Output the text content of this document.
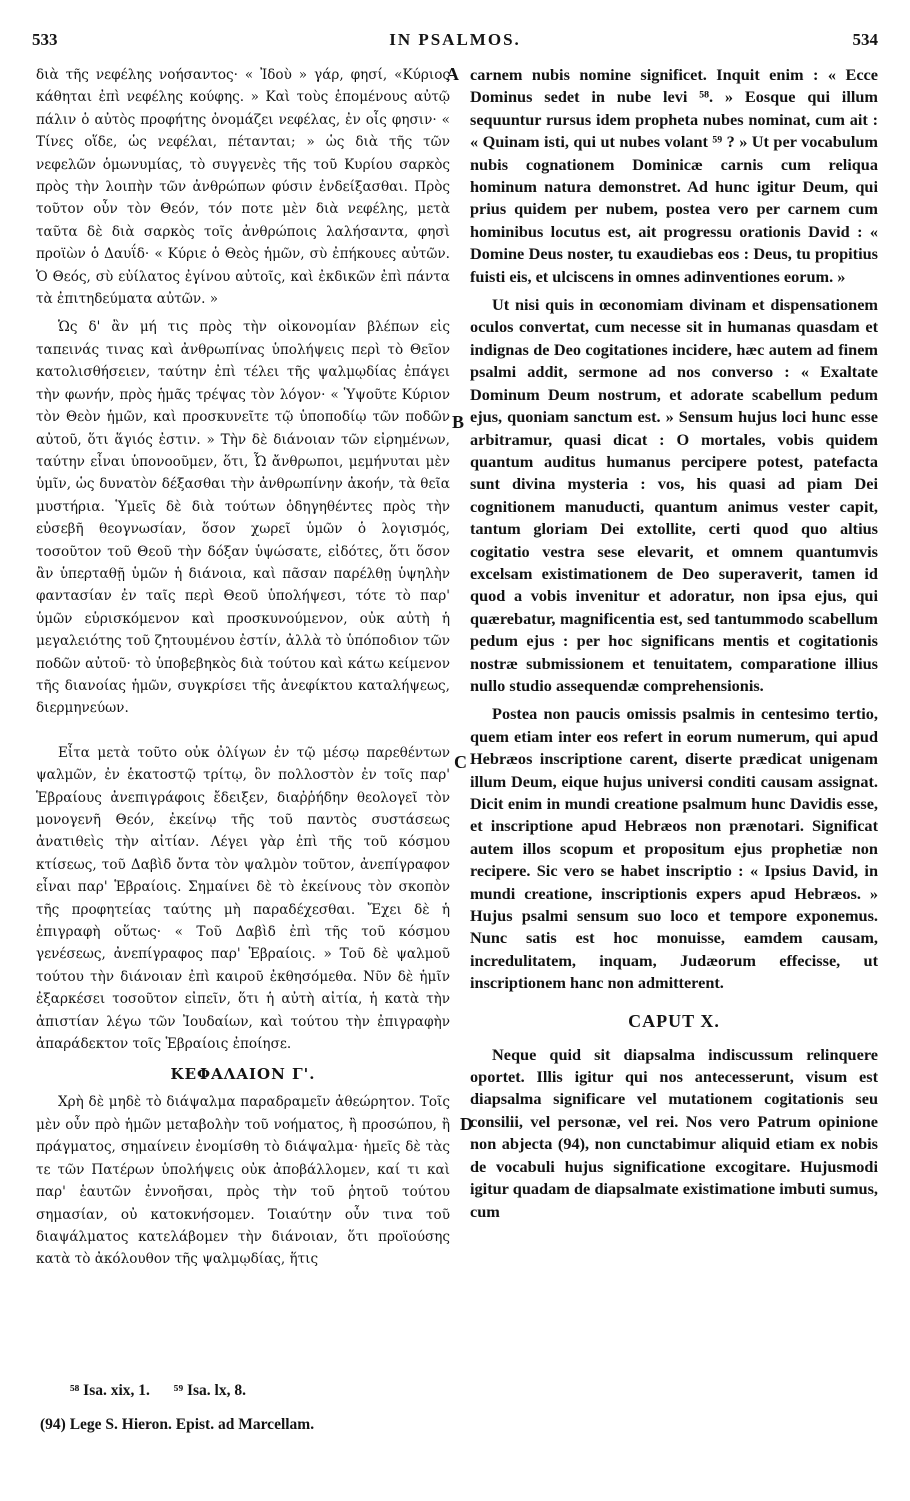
IN PSALMOS.
533	534

διὰ τῆς νεφέλης νοήσαντος· « Ἰδοὺ » γάρ, φησί, «Κύριος κάθηται ἐπὶ νεφέλης κούφης. » Καὶ τοὺς ἑπομένους αὐτῷ πάλιν ὁ αὐτὸς προφήτης ὀνομάζει νεφέλας, ἐν οἷς φησιν· « Τίνες οἵδε, ὡς νεφέλαι, πέτανται; » ὡς διὰ τῆς τῶν νεφελῶν ὁμωνυμίας, τὸ συγγενὲς τῆς τοῦ Κυρίου σαρκὸς πρὸς τὴν λοιπὴν τῶν ἀνθρώπων φύσιν ἐνδείξασθαι. Πρὸς τοῦτον οὖν τὸν Θεόν, τόν ποτε μὲν διὰ νεφέλης, μετὰ ταῦτα δὲ διὰ σαρκὸς τοῖς ἀνθρώποις λαλήσαντα, φησὶ προϊὼν ὁ Δαυΐδ· « Κύριε ὁ Θεὸς ἡμῶν, σὺ ἐπήκουες αὐτῶν. Ὁ Θεός, σὺ εὐίλατος ἐγίνου αὐτοῖς, καὶ ἐκδικῶν ἐπὶ πάντα τὰ ἐπιτηδεύματα αὐτῶν. »

Ὡς δ' ἂν μή τις πρὸς τὴν οἰκονομίαν βλέπων εἰς ταπεινάς τινας καὶ ἀνθρωπίνας ὑπολήψεις περὶ τὸ Θεῖον κατολισθήσειεν, ταύτην ἐπὶ τέλει τῆς ψαλμῳδίας ἐπάγει τὴν φωνήν, πρὸς ἡμᾶς τρέψας τὸν λόγον· « Ὑψοῦτε Κύριον τὸν Θεὸν ἡμῶν, καὶ προσκυνεῖτε τῷ ὑποποδίῳ τῶν ποδῶν αὐτοῦ, ὅτι ἅγιός ἐστιν. » Τὴν δὲ διάνοιαν τῶν εἰρημένων, ταύτην εἶναι ὑπονοοῦμεν, ὅτι, Ὦ ἄνθρωποι, μεμήνυται μὲν ὑμῖν, ὡς δυνατὸν δέξασθαι τὴν ἀνθρωπίνην ἀκοήν, τὰ θεῖα μυστήρια. Ὑμεῖς δὲ διὰ τούτων ὁδηγηθέντες πρὸς τὴν εὐσεβῆ θεογνωσίαν, ὅσον χωρεῖ ὑμῶν ὁ λογισμός, τοσοῦτον τοῦ Θεοῦ τὴν δόξαν ὑψώσατε, εἰδότες, ὅτι ὅσον ἂν ὑπερταθῇ ὑμῶν ἡ διάνοια, καὶ πᾶσαν παρέλθῃ ὑψηλὴν φαντασίαν ἐν ταῖς περὶ Θεοῦ ὑπολήψεσι, τότε τὸ παρ' ὑμῶν εὑρισκόμενον καὶ προσκυνούμενον, οὐκ αὐτὴ ἡ μεγαλειότης τοῦ ζητουμένου ἐστίν, ἀλλὰ τὸ ὑπόποδιον τῶν ποδῶν αὐτοῦ· τὸ ὑποβεβηκὸς διὰ τούτου καὶ κάτω κείμενον τῆς διανοίας ἡμῶν, συγκρίσει τῆς ἀνεφίκτου καταλήψεως, διερμηνεύων.

Εἶτα μετὰ τοῦτο οὐκ ὀλίγων ἐν τῷ μέσῳ παρεθέντων ψαλμῶν, ἐν ἑκατοστῷ τρίτῳ, ὃν πολλοστὸν ἐν τοῖς παρ' Ἑβραίους ἀνεπιγράφοις ἔδειξεν, διαῤῥήδην θεολογεῖ τὸν μονογενῆ Θεόν, ἐκείνῳ τῆς τοῦ παντὸς συστάσεως ἀνατιθεὶς τὴν αἰτίαν. Λέγει γὰρ ἐπὶ τῆς τοῦ κόσμου κτίσεως, τοῦ Δαβὶδ ὄντα τὸν ψαλμὸν τοῦτον, ἀνεπίγραφον εἶναι παρ' Ἑβραίοις. Σημαίνει δὲ τὸ ἐκείνους τὸν σκοπὸν τῆς προφητείας ταύτης μὴ παραδέχεσθαι. Ἔχει δὲ ἡ ἐπιγραφὴ οὕτως· « Τοῦ Δαβὶδ ἐπὶ τῆς τοῦ κόσμου γενέσεως, ἀνεπίγραφος παρ' Ἑβραίοις. » Τοῦ δὲ ψαλμοῦ τούτου τὴν διάνοιαν ἐπὶ καιροῦ ἐκθησόμεθα. Νῦν δὲ ἡμῖν ἐξαρκέσει τοσοῦτον εἰπεῖν, ὅτι ἡ αὐτὴ αἰτία, ἡ κατὰ τὴν ἀπιστίαν λέγω τῶν Ἰουδαίων, καὶ τούτου τὴν ἐπιγραφὴν ἀπαράδεκτον τοῖς Ἑβραίοις ἐποίησε.

ΚΕΦΑΛΑΙΟΝ Γ'.

Χρὴ δὲ μηδὲ τὸ διάψαλμα παραδραμεῖν ἀθεώρητον. Τοῖς μὲν οὖν πρὸ ἡμῶν μεταβολὴν τοῦ νοήματος, ἢ προσώπου, ἢ πράγματος, σημαίνειν ἐνομίσθη τὸ διάψαλμα· ἡμεῖς δὲ τὰς τε τῶν Πατέρων ὑπολήψεις οὐκ ἀποβάλλομεν, καί τι καὶ παρ' ἑαυτῶν ἐννοῆσαι, πρὸς τὴν τοῦ ῥητοῦ τούτου σημασίαν, οὐ κατοκνήσομεν. Τοιαύτην οὖν τινα τοῦ διαψάλματος κατελάβομεν τὴν διάνοιαν, ὅτι προϊούσης κατὰ τὸ ἀκόλουθον τῆς ψαλμῳδίας, ἥτις

A
B
C
D

carnem nubis nomine significet. Inquit enim : « Ecce Dominus sedet in nube levi ⁵⁸. » Eosque qui illum sequuntur rursus idem propheta nubes nominat, cum ait : « Quinam isti, qui ut nubes volant ⁵⁹ ? » Ut per vocabulum nubis cognationem Dominicæ carnis cum reliqua hominum natura demonstret. Ad hunc igitur Deum, qui prius quidem per nubem, postea vero per carnem cum hominibus locutus est, ait progressu orationis David : « Domine Deus noster, tu exaudiebas eos : Deus, tu propitius fuisti eis, et ulciscens in omnes adinventiones eorum. »

Ut nisi quis in œconomiam divinam et dispensationem oculos convertat, cum necesse sit in humanas quasdam et indignas de Deo cogitationes incidere, hæc autem ad finem psalmi addit, sermone ad nos converso : « Exaltate Dominum Deum nostrum, et adorate scabellum pedum ejus, quoniam sanctum est. » Sensum hujus loci hunc esse arbitramur, quasi dicat : O mortales, vobis quidem quantum auditus humanus percipere potest, patefacta sunt divina mysteria : vos, his quasi ad piam Dei cognitionem manuducti, quantum animus vester capit, tantum gloriam Dei extollite, certi quod quo altius cogitatio vestra sese elevarit, et omnem quantumvis excelsam existimationem de Deo superaverit, tamen id quod a vobis invenitur et adoratur, non ipsa ejus, qui quærebatur, magnificentia est, sed tantummodo scabellum pedum ejus : per hoc significans mentis et cogitationis nostræ submissionem et tenuitatem, comparatione illius nullo studio assequendæ comprehensionis.

Postea non paucis omissis psalmis in centesimo tertio, quem etiam inter eos refert in eorum numerum, qui apud Hebræos inscriptione carent, diserte prædicat unigenam illum Deum, eique hujus universi conditi causam assignat. Dicit enim in mundi creatione psalmum hunc Davidis esse, et inscriptione apud Hebræos non prænotari. Significat autem illos scopum et propositum ejus prophetiæ non recipere. Sic vero se habet inscriptio : « Ipsius David, in mundi creatione, inscriptionis expers apud Hebræos. » Hujus psalmi sensum suo loco et tempore exponemus. Nunc satis est hoc monuisse, eamdem causam, incredulitatem, inquam, Judæorum effecisse, ut inscriptionem hanc non admitterent.

CAPUT X.

Neque quid sit diapsalma indiscussum relinquere oportet. Illis igitur qui nos antecesserunt, visum est diapsalma significare vel mutationem cogitationis seu consilii, vel personæ, vel rei. Nos vero Patrum opinione non abjecta (94), non cunctabimur aliquid etiam ex nobis de vocabuli hujus significatione excogitare. Hujusmodi igitur quadam de diapsalmate existimatione imbuti sumus, cum

⁵⁸ Isa. xix, 1. ⁵⁹ Isa. lx, 8.
(94) Lege S. Hieron. Epist. ad Marcellam.
